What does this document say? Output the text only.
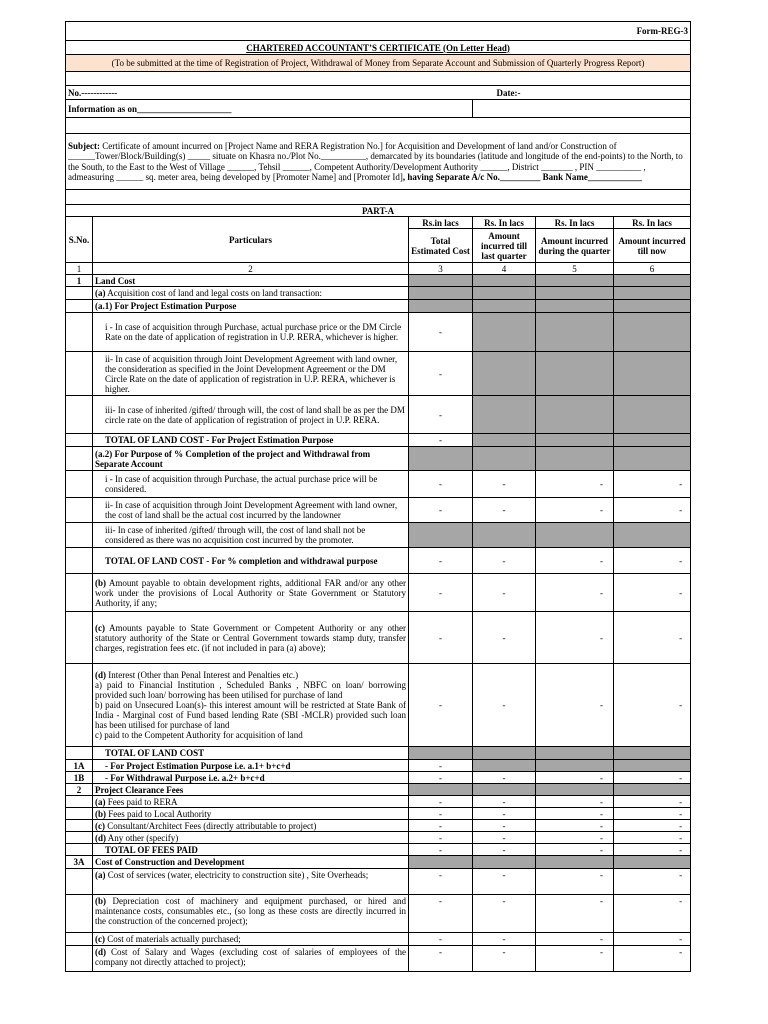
Form-REG-3					
CHARTERED ACCOUNTANT’S CERTIFICATE (On Letter Head)					
(To be submitted at the time of Registration of Project, Withdrawal of Money from Separate Account and Submission of Quarterly Progress Report)					

No.------------			Date:-		
Information as on_____________________					

Subject: Certificate of amount incurred on [Project Name and RERA Registration No.] for Acquisition and Development of land and/or Construction of ______Tower/Block/Building(s) _____ situate on Khasra no./Plot No.__________, demarcated by its boundaries (latitude and longitude of the end-points) to the North, to the South, to the East to the West of Village ______, Tehsil ______, Competent Authority/Development Authority ______, District _______ , PIN __________ , admeasuring ______ sq. meter area, being developed by [Promoter Name] and [Promoter Id], having Separate A/c No._________ Bank Name____________					

PART-A					
S.No.	Particulars	Rs.in lacs	Rs. In lacs	Rs. In lacs	Rs. In lacs
		Total Estimated Cost	Amount incurred till last quarter	Amount incurred during the quarter	Amount incurred till now
1	2	3	4	5	6
1	Land Cost				
	(a) Acquisition cost of land and legal costs on land transaction:				
	(a.1) For Project Estimation Purpose				
	i - In case of acquisition through Purchase, actual purchase price or the DM Circle Rate on the date of application of registration in U.P. RERA, whichever is higher.	-			
	ii- In case of acquisition through Joint Development Agreement with land owner, the consideration as specified in the Joint Development Agreement or the DM Circle Rate on the date of application of registration in U.P. RERA, whichever is higher.	-			
	iii- In case of inherited /gifted/ through will, the cost of land shall be as per the DM circle rate on the date of application of registration of project in U.P. RERA.	-			
	TOTAL OF LAND COST - For Project Estimation Purpose	-			
	(a.2) For Purpose of % Completion of the project and Withdrawal from Separate Account				
	i - In case of acquisition through Purchase, the actual purchase price will be considered.	-	-	-	-
	ii- In case of acquisition through Joint Development Agreement with land owner, the cost of land shall be the actual cost incurred by the landowner	-	-	-	-
	iii- In case of inherited /gifted/ through will, the cost of land shall not be considered as there was no acquisition cost incurred by the promoter.				
	TOTAL OF LAND COST - For % completion and withdrawal purpose	-	-	-	-
	(b) Amount payable to obtain development rights, additional FAR and/or any other work under the provisions of Local Authority or State Government or Statutory Authority, if any;	-	-	-	-
	(c) Amounts payable to State Government or Competent Authority or any other statutory authority of the State or Central Government towards stamp duty, transfer charges, registration fees etc. (if not included in para (a) above);	-	-	-	-

	(d) Interest (Other than Penal Interest and Penalties etc.)
a) paid to Financial Institution , Scheduled Banks , NBFC on loan/ borrowing provided such loan/ borrowing has been utilised for purchase of land
b) paid on Unsecured Loan(s)- this interest amount will be restricted at State Bank of India - Marginal cost of Fund based lending Rate (SBI -MCLR) provided such loan has been utilised for purchase of land
c) paid to the Competent Authority for acquisition of land	-	-	-	-
	TOTAL OF LAND COST				
1A	- For Project Estimation Purpose i.e. a.1+ b+c+d	-			
1B	- For Withdrawal Purpose i.e. a.2+ b+c+d	-	-	-	-
2	Project Clearance Fees				
	(a) Fees paid to RERA	-	-	-	-
	(b) Fees paid to Local Authority	-	-	-	-
	(c) Consultant/Architect Fees (directly attributable to project)	-	-	-	-
	(d) Any other (specify)	-	-	-	-
	TOTAL OF FEES PAID	-	-	-	-
3A	Cost of Construction and Development				
	(a) Cost of services (water, electricity to construction site) , Site Overheads;	-	-	-	-
	(b) Depreciation cost of machinery and equipment purchased, or hired and maintenance costs, consumables etc., (so long as these costs are directly incurred in the construction of the concerned project);	-	-	-	-
	(c) Cost of materials actually purchased;	-	-	-	-
	(d) Cost of Salary and Wages (excluding cost of salaries of employees of the company not directly attached to project);	-	-	-	-
